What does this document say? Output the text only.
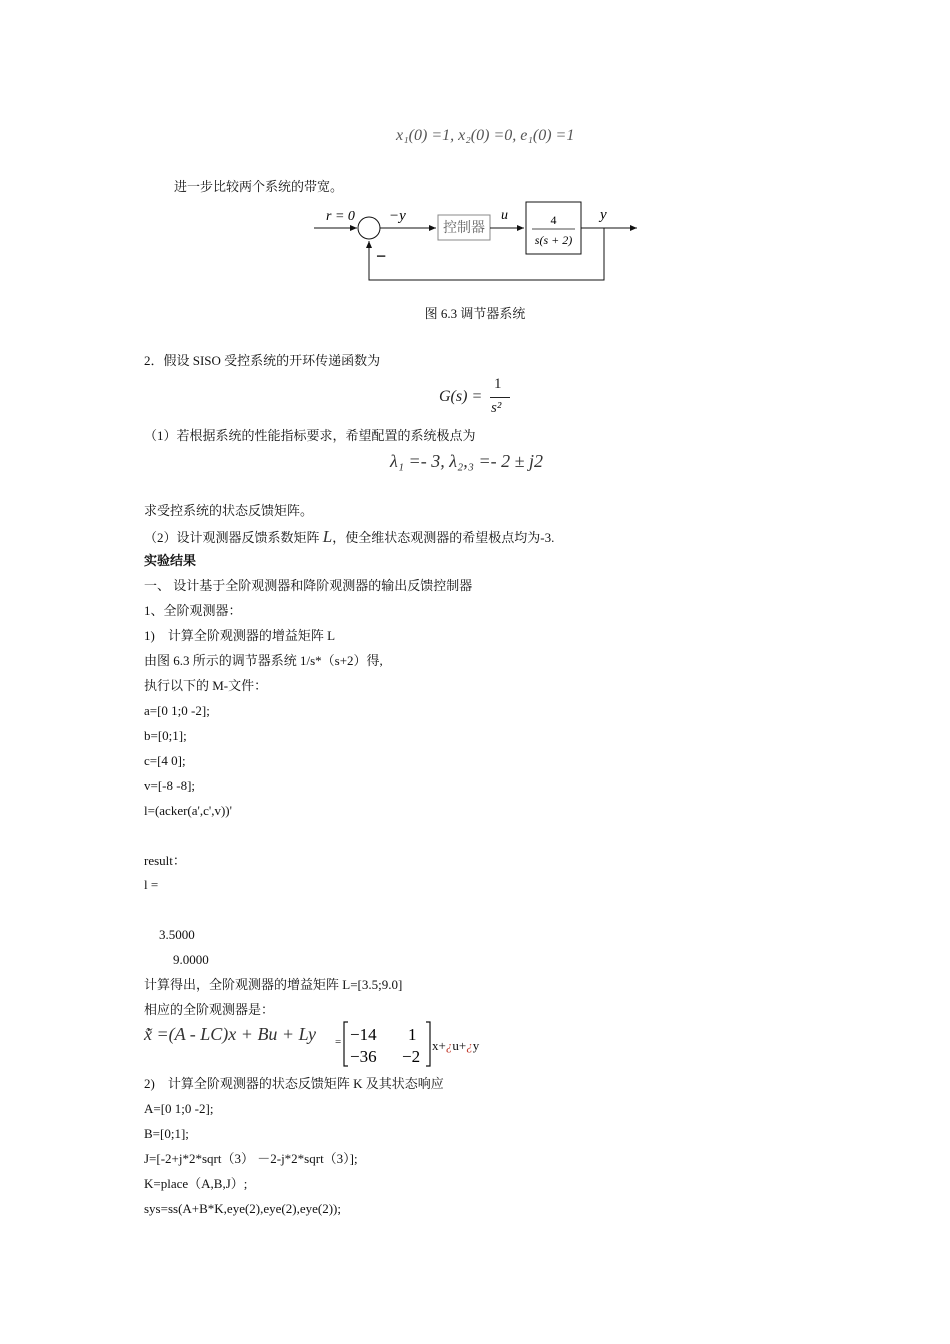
x₁(0) =1, x₂(0) =0, e₁(0) =1
进一步比较两个系统的带宽。
r = 0 −y
控制器
u	4
s(s + 2)
y
−
图 6.3 调节器系统
2．假设 SISO 受控系统的开环传递函数为
G(s) =
1
s²
（1）若根据系统的性能指标要求，希望配置的系统极点为
λ₁ =- 3, λ₂,₃ =- 2 ± j2
求受控系统的状态反馈矩阵。
（2）设计观测器反馈系数矩阵 L，使全维状态观测器的希望极点均为-3.
实验结果
一、 设计基于全阶观测器和降阶观测器的输出反馈控制器
1、全阶观测器：
1)　计算全阶观测器的增益矩阵 L
由图 6.3 所示的调节器系统 1/s*（s+2）得,
执行以下的 M-文件：
a=[0 1;0 -2];
b=[0;1];
c=[4 0];
v=[-8 -8];
l=(acker(a',c',v))'
result：
l =
3.5000
9.0000
计算得出，全阶观测器的增益矩阵 L=[3.5;9.0]
相应的全阶观测器是：
x̃̇ =(A - LC)x + Bu + Ly = −14 1
−36 −2
x+¿u+¿y
2)　计算全阶观测器的状态反馈矩阵 K 及其状态响应
A=[0 1;0 -2];
B=[0;1];
J=[-2+j*2*sqrt（3） －2-j*2*sqrt（3）];
K=place（A,B,J）;
sys=ss(A+B*K,eye(2),eye(2),eye(2));
